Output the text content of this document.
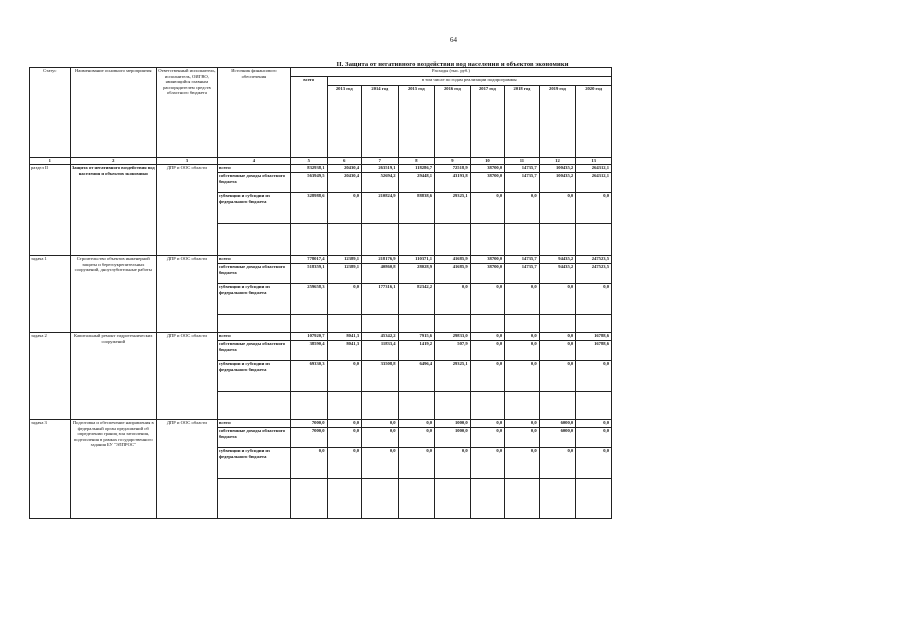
64
II. Защита от негативного воздействия вод населения и объектов экономики
Статус	Наименование основного мероприятия	Ответственный исполнитель, исполнитель, ОИГВО, являющийся главным распорядителем средств областного бюджета	Источник финансового обеспечения	Расходы (тыс. руб.)								
				всего	в том числе по годам реализации подпрограммы							
					2013 год	2014 год	2015 год	2016 год	2017 год	2018 год	2019 год	2020 год
1	2	3	4	5	6	7	8	9	10	11	12	13
раздел II	Защита от негативного воздействия вод населения и объектов экономики	ДПР и ООС области	всего:	832938,1	20430,4	263519,1	118286,7	72518,9	38700,0	14735,7	100435,2	264312,1
			собственные доходы областного бюджета	563949,5	20430,4	52694,2	29448,1	43193,8	38700,0	14735,7	100435,2	264312,1
			субвенции и субсидии из федерального бюджета	328988,6	0,0	210824,9	88838,6	29325,1	0,0	0,0	0,0	0,0

задача 1	Строительство объектов инженерной защиты и берегоукрепительных сооружений, дноуглубительные работы	ДПР и ООС области	всего:	778017,4	12389,1	218176,9	110371,1	41685,9	38700,0	14735,7	94435,2	247523,5
			собственные доходы областного бюджета	518359,1	12389,1	40860,8	28028,9	41685,9	38700,0	14735,7	94435,2	247523,5
			субвенции и субсидии из федерального бюджета	259658,3	0,0	177316,1	82342,2	0,0	0,0	0,0	0,0	0,0

задача 2	Капитальный ремонт гидротехнических сооружений	ДПР и ООС области	всего:	107920,7	8041,3	45342,2	7915,6	29833,0	0,0	0,0	0,0	16788,6
			собственные доходы областного бюджета	38590,4	8041,3	11833,4	1419,2	507,9	0,0	0,0	0,0	16788,6
			субвенции и субсидии из федерального бюджета	69330,3	0,0	33508,8	6496,4	29325,1	0,0	0,0	0,0	0,0

задача 3	Подготовка и обеспечение направления в федеральный орган предложений об определении границ зон затопления, подтопления в рамках государственного задания БУ "ЭЛПРОС"	ДПР и ООС области	всего:	7000,0	0,0	0,0	0,0	1000,0	0,0	0,0	6000,0	0,0
			собственные доходы областного бюджета	7000,0	0,0	0,0	0,0	1000,0	0,0	0,0	6000,0	0,0
			субвенции и субсидии из федерального бюджета	0,0	0,0	0,0	0,0	0,0	0,0	0,0	0,0	0,0
